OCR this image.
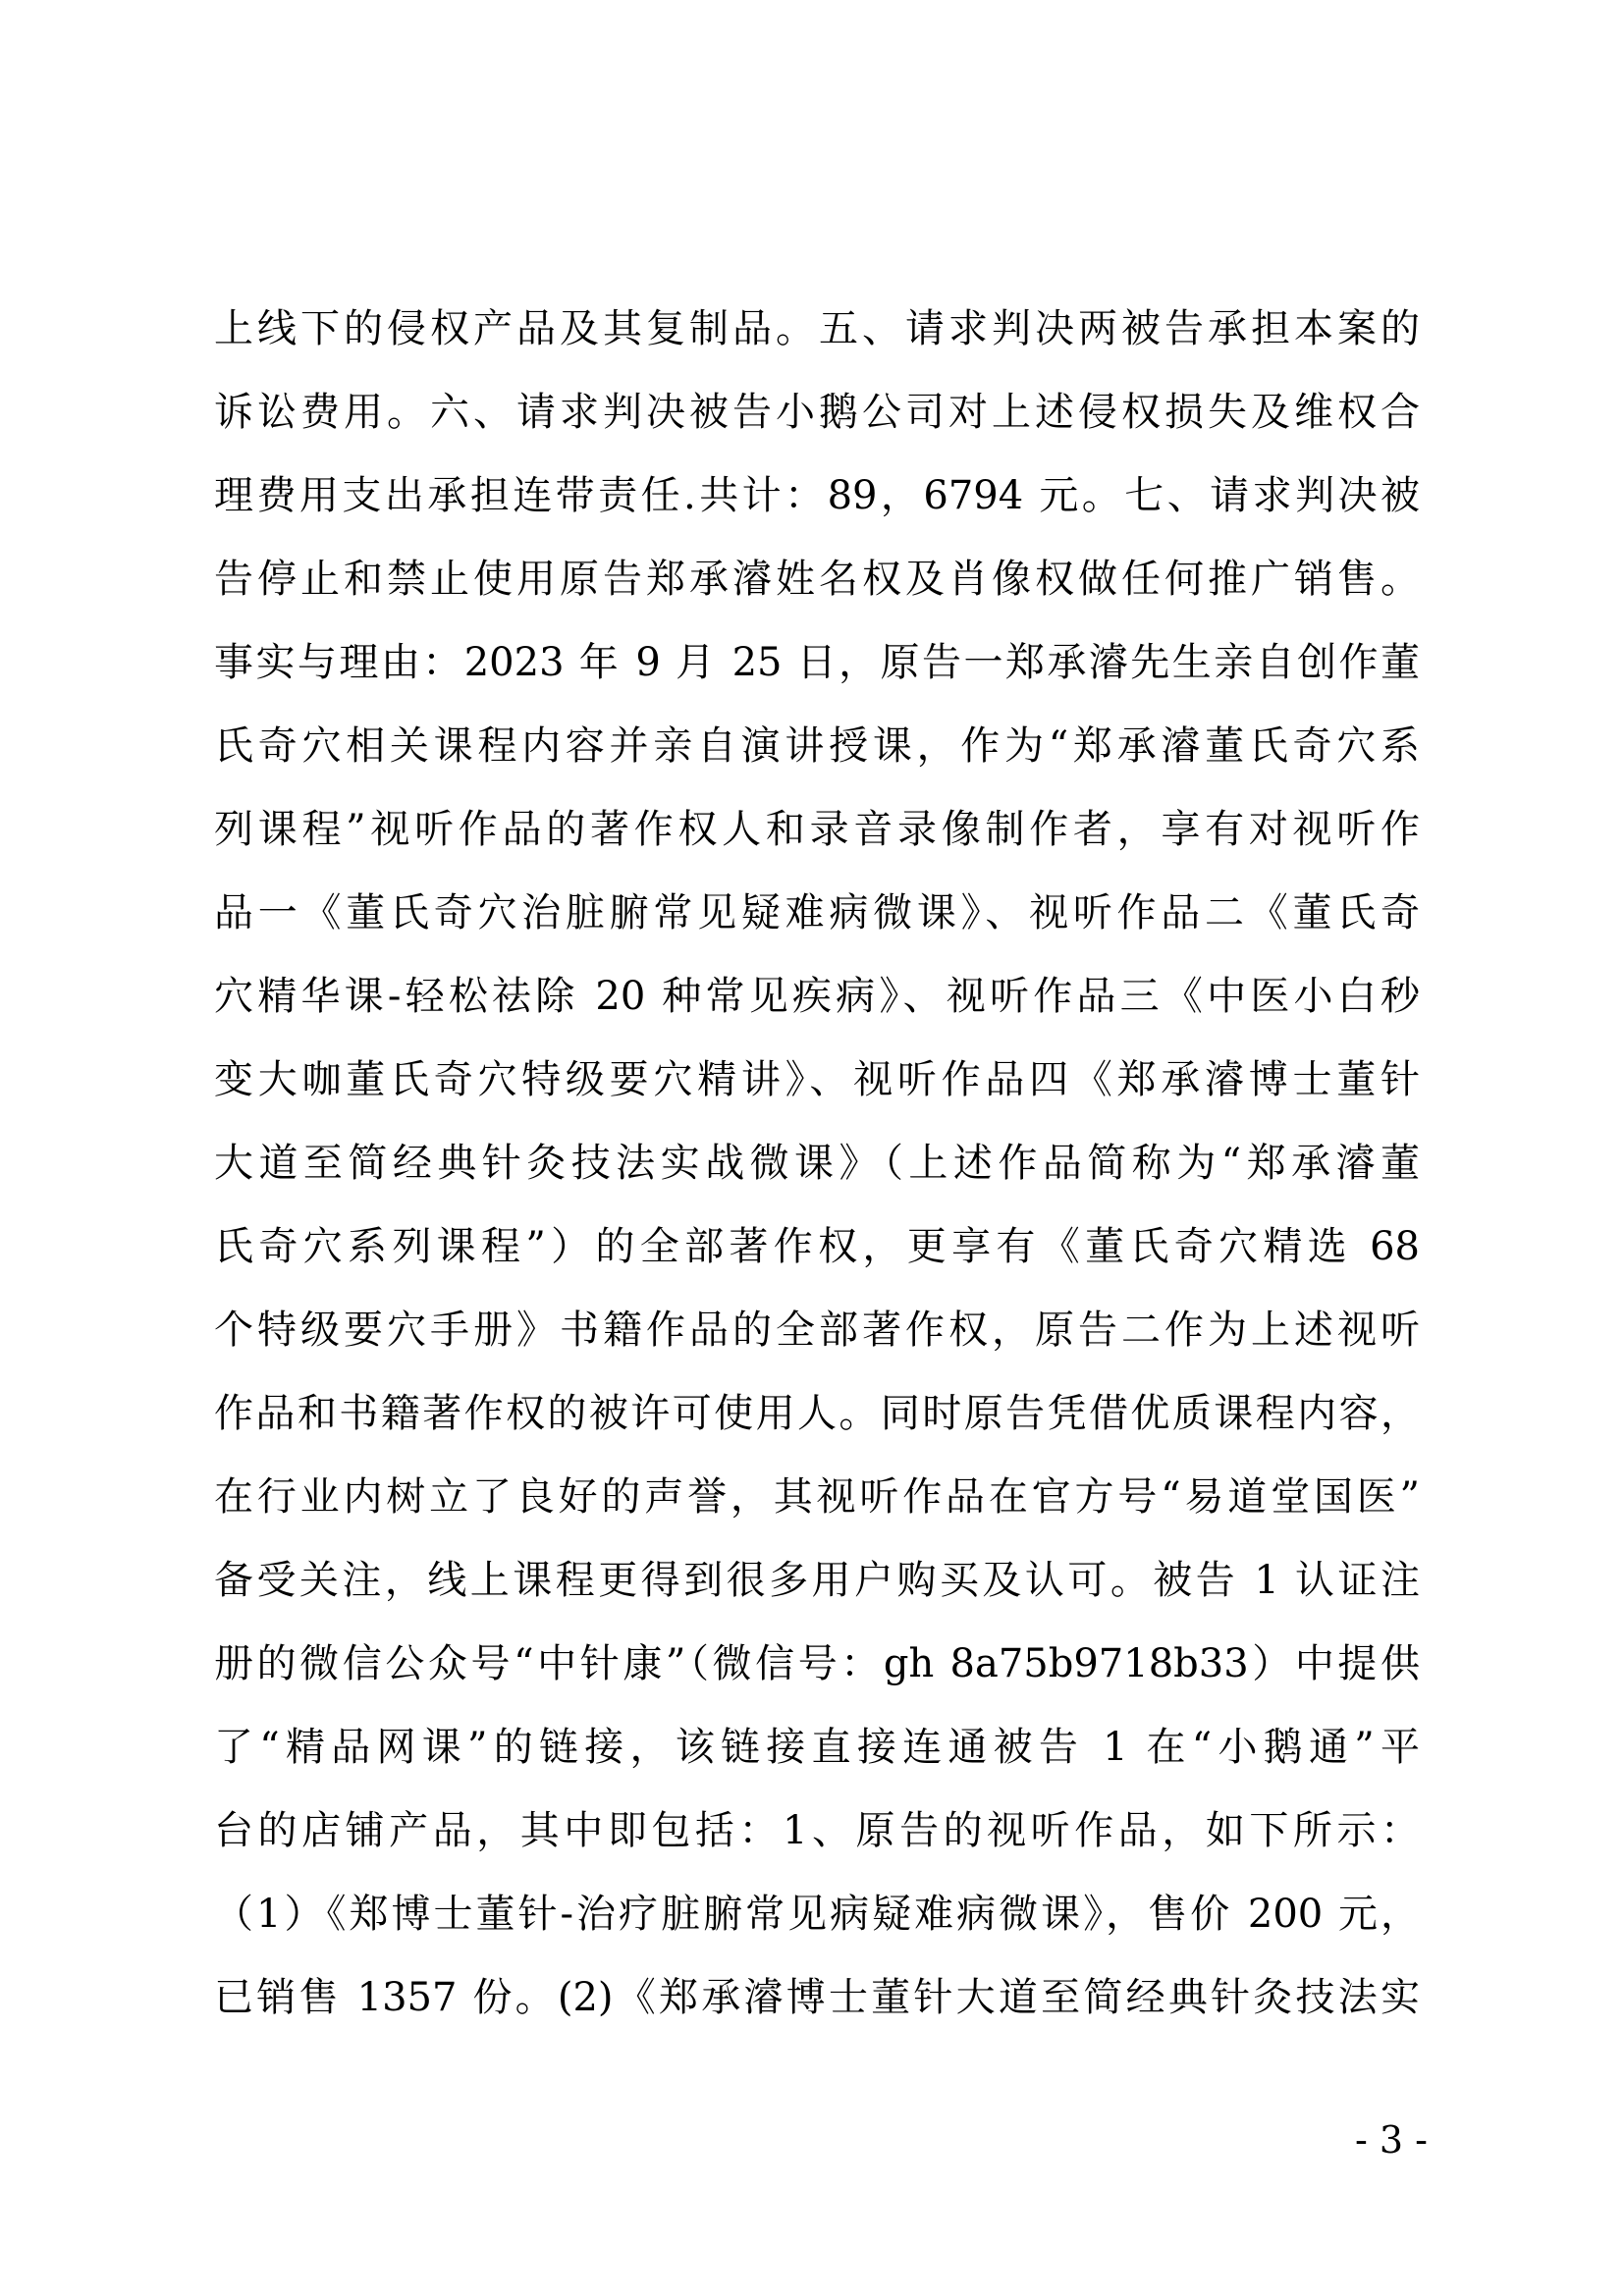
上线下的侵权产品及其复制品。五、请求判决两被告承担本案的
诉讼费用。六、请求判决被告小鹅公司对上述侵权损失及维权合
理费用支出承担连带责任.共计：89，6794 元。七、请求判决被
告停止和禁止使用原告郑承濬姓名权及肖像权做任何推广销售。
事实与理由：2023 年 9 月 25 日，原告一郑承濬先生亲自创作董
氏奇穴相关课程内容并亲自演讲授课，作为“郑承濬董氏奇穴系
列课程”视听作品的著作权人和录音录像制作者，享有对视听作
品一《董氏奇穴治脏腑常见疑难病微课》、视听作品二《董氏奇
穴精华课-轻松祛除 20 种常见疾病》、视听作品三《中医小白秒
变大咖董氏奇穴特级要穴精讲》、视听作品四《郑承濬博士董针
大道至简经典针灸技法实战微课》（上述作品简称为“郑承濬董
氏奇穴系列课程”）的全部著作权，更享有《董氏奇穴精选 68
个特级要穴手册》书籍作品的全部著作权，原告二作为上述视听
作品和书籍著作权的被许可使用人。同时原告凭借优质课程内容，
在行业内树立了良好的声誉，其视听作品在官方号“易道堂国医”
备受关注，线上课程更得到很多用户购买及认可。被告 1 认证注
册的微信公众号“中针康”（微信号：gh 8a75b9718b33）中提供
了“精品网课”的链接，该链接直接连通被告 1 在“小鹅通”平
台的店铺产品，其中即包括：1、原告的视听作品，如下所示：
（1）《郑博士董针-治疗脏腑常见病疑难病微课》，售价 200 元，
已销售 1357 份。(2)《郑承濬博士董针大道至简经典针灸技法实
- 3 -
